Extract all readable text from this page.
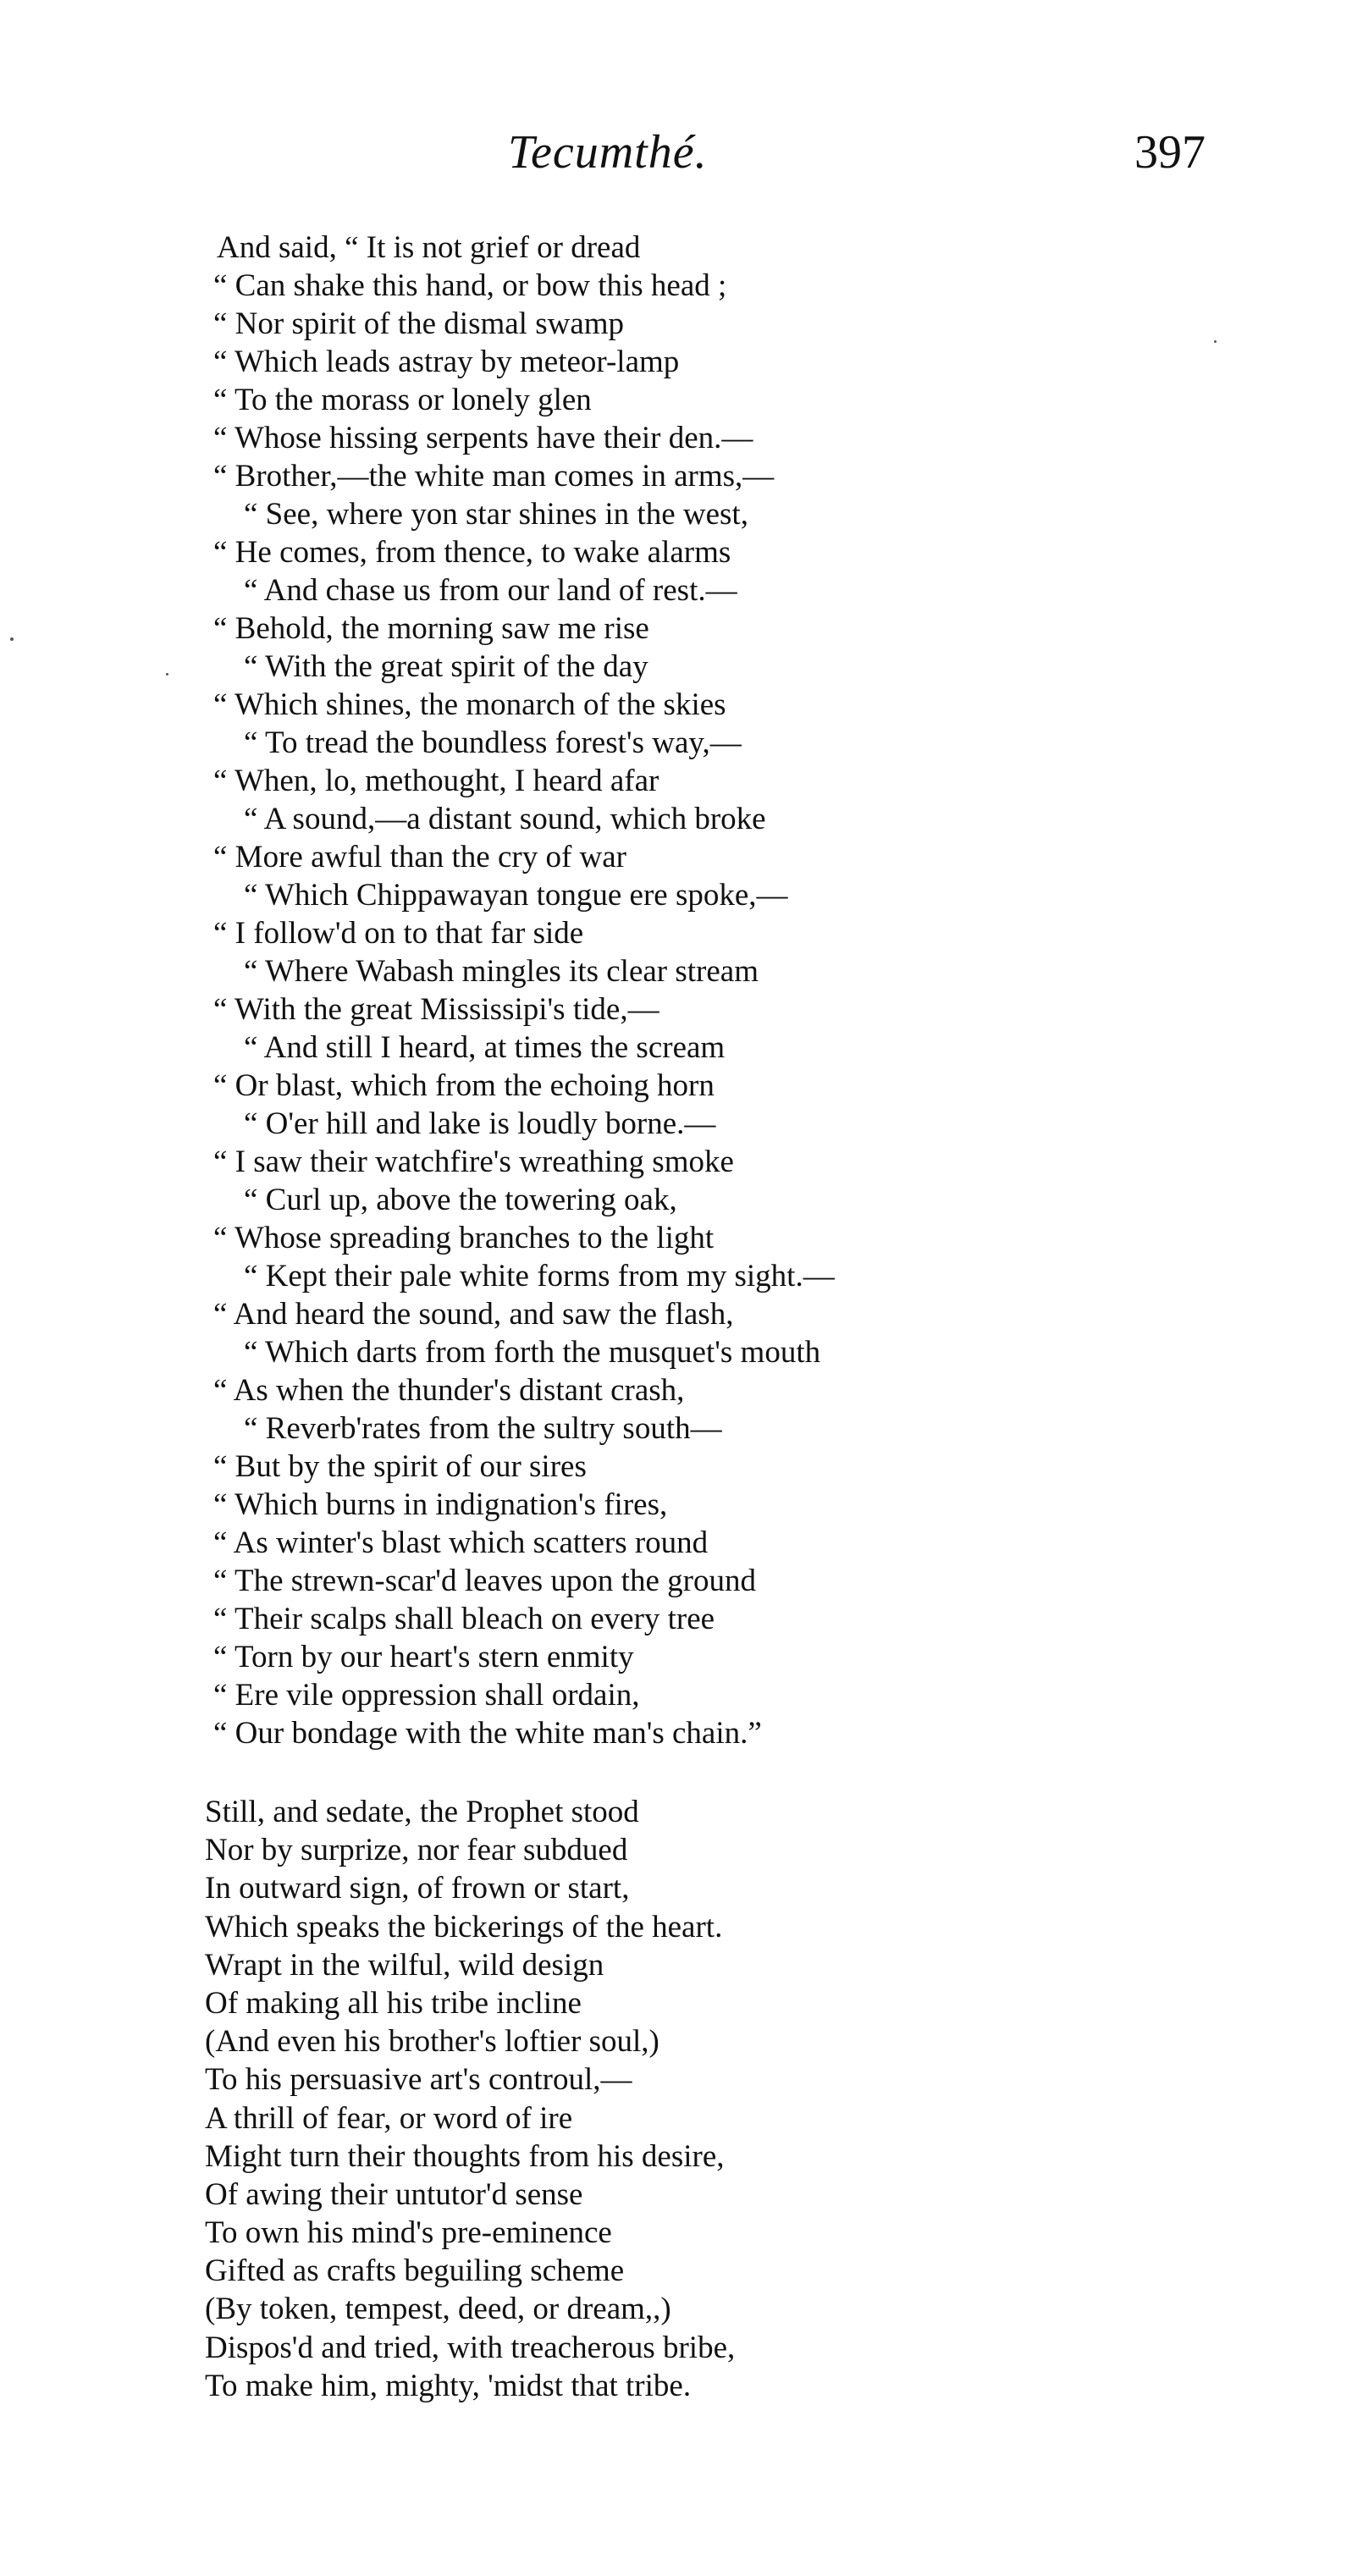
Tecumthé.	397
And said, “ It is not grief or dread
“ Can shake this hand, or bow this head ;
“ Nor spirit of the dismal swamp
“ Which leads astray by meteor-lamp
“ To the morass or lonely glen
“ Whose hissing serpents have their den.—
“ Brother,—the white man comes in arms,—
“ See, where yon star shines in the west,
“ He comes, from thence, to wake alarms
“ And chase us from our land of rest.—
“ Behold, the morning saw me rise
“ With the great spirit of the day
“ Which shines, the monarch of the skies
“ To tread the boundless forest's way,—
“ When, lo, methought, I heard afar
“ A sound,—a distant sound, which broke
“ More awful than the cry of war
“ Which Chippawayan tongue ere spoke,—
“ I follow'd on to that far side
“ Where Wabash mingles its clear stream
“ With the great Mississipi's tide,—
“ And still I heard, at times the scream
“ Or blast, which from the echoing horn
“ O'er hill and lake is loudly borne.—
“ I saw their watchfire's wreathing smoke
“ Curl up, above the towering oak,
“ Whose spreading branches to the light
“ Kept their pale white forms from my sight.—
“ And heard the sound, and saw the flash,
“ Which darts from forth the musquet's mouth
“ As when the thunder's distant crash,
“ Reverb'rates from the sultry south—
“ But by the spirit of our sires
“ Which burns in indignation's fires,
“ As winter's blast which scatters round
“ The strewn-scar'd leaves upon the ground
“ Their scalps shall bleach on every tree
“ Torn by our heart's stern enmity
“ Ere vile oppression shall ordain,
“ Our bondage with the white man's chain.”
Still, and sedate, the Prophet stood
Nor by surprize, nor fear subdued
In outward sign, of frown or start,
Which speaks the bickerings of the heart.
Wrapt in the wilful, wild design
Of making all his tribe incline
(And even his brother's loftier soul,)
To his persuasive art's controul,—
A thrill of fear, or word of ire
Might turn their thoughts from his desire,
Of awing their untutor'd sense
To own his mind's pre-eminence
Gifted as crafts beguiling scheme
(By token, tempest, deed, or dream,,)
Dispos'd and tried, with treacherous bribe,
To make him, mighty, 'midst that tribe.
